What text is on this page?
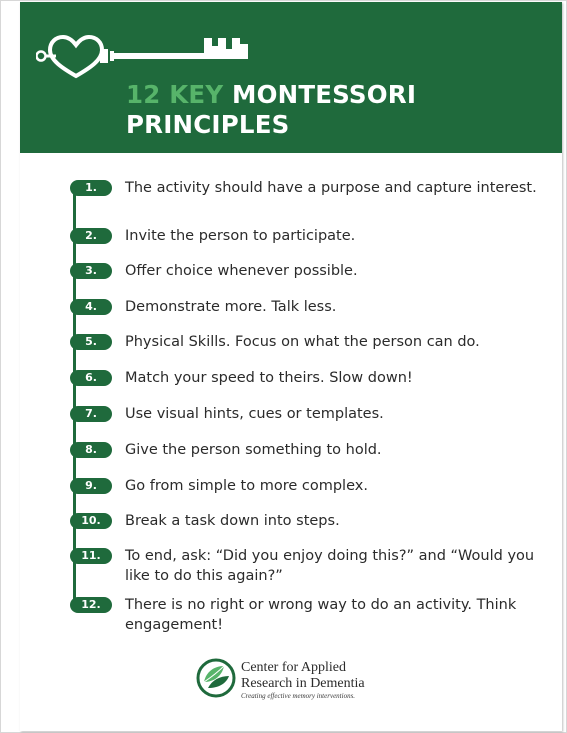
12 KEY MONTESSORI
PRINCIPLES
1.	The activity should have a purpose and capture interest.

2.	Invite the person to participate.

3.	Offer choice whenever possible.

4.	Demonstrate more. Talk less.

5.	Physical Skills. Focus on what the person can do.

6.	Match your speed to theirs. Slow down!

7.	Use visual hints, cues or templates.

8.	Give the person something to hold.

9.	Go from simple to more complex.

10.	Break a task down into steps.

11.	To end, ask: “Did you enjoy doing this?” and “Would you like to do this again?”

12.	There is no right or wrong way to do an activity. Think engagement!

Center for Applied
Research in Dementia
Creating effective memory interventions.
